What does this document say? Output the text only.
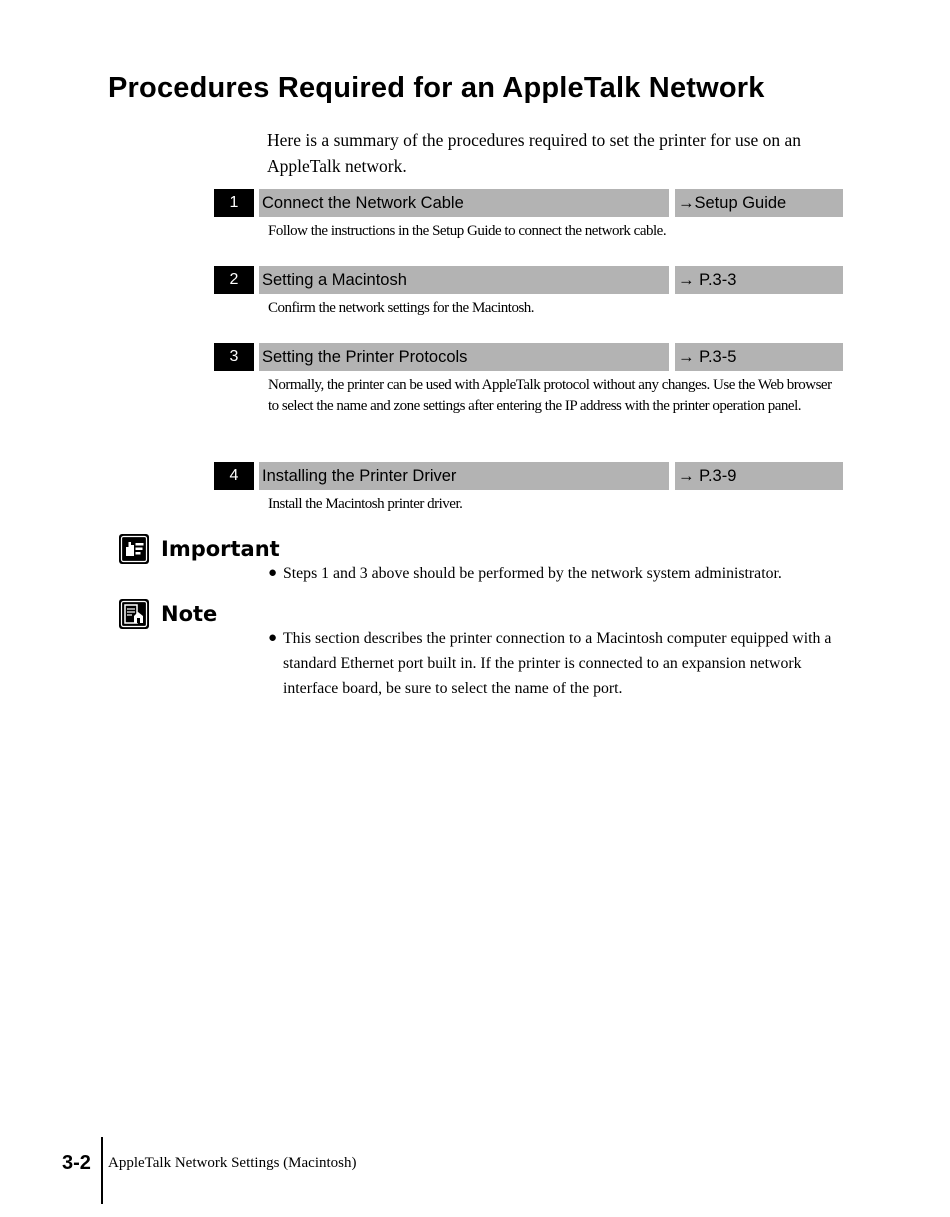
Procedures Required for an AppleTalk Network
Here is a summary of the procedures required to set the printer for use on an AppleTalk network.
1	Connect the Network Cable	→Setup Guide
Follow the instructions in the Setup Guide to connect the network cable.
2	Setting a Macintosh	→ P.3-3
Confirm the network settings for the Macintosh.
3	Setting the Printer Protocols	→ P.3-5
Normally, the printer can be used with AppleTalk protocol without any changes. Use the Web browser to select the name and zone settings after entering the IP address with the printer operation panel.
4	Installing the Printer Driver	→ P.3-9
Install the Macintosh printer driver.
Important
● Steps 1 and 3 above should be performed by the network system administrator.
Note
● This section describes the printer connection to a Macintosh computer equipped with a standard Ethernet port built in. If the printer is connected to an expansion network interface board, be sure to select the name of the port.
3-2 AppleTalk Network Settings (Macintosh)
